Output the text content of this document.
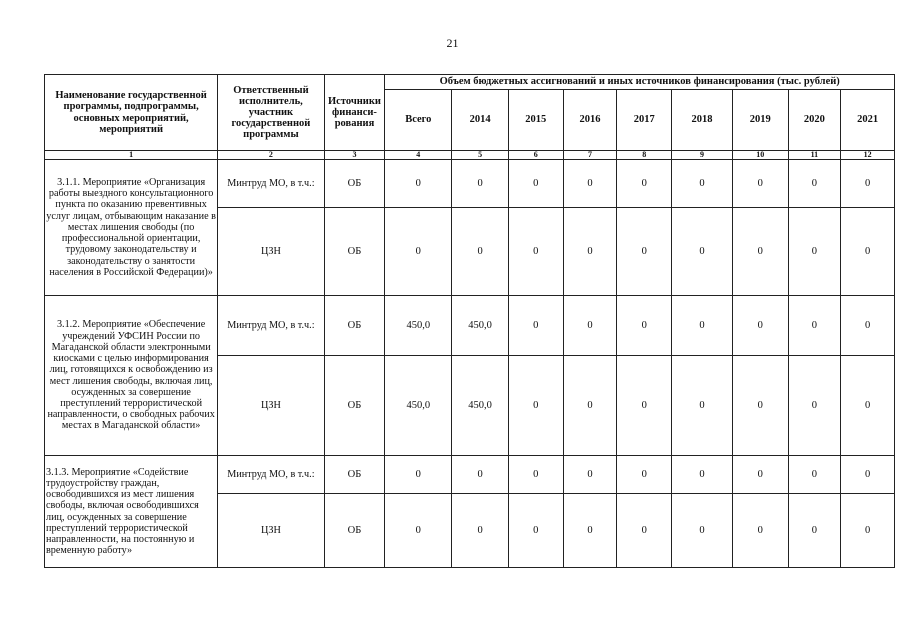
21
Наименование государственной программы, подпрограммы, основных мероприятий, мероприятий	Ответственный исполнитель, участник государственной программы	Источники финанси-рования	Объем бюджетных ассигнований и иных источников финансирования (тыс. рублей)								
			Всего	2014	2015	2016	2017	2018	2019	2020	2021
1	2	3	4	5	6	7	8	9	10	11	12
3.1.1. Мероприятие «Организация работы выездного консультационного пункта по оказанию превентивных услуг лицам, отбывающим наказание в местах лишения свободы (по профессиональной ориентации, трудовому законодательству и законодательству о занятости населения в Российской Федерации)»	Минтруд МО, в т.ч.:	ОБ	0	0	0	0	0	0	0	0	0
	ЦЗН	ОБ	0	0	0	0	0	0	0	0	0
3.1.2. Мероприятие «Обеспечение учреждений УФСИН России по Магаданской области электронными киосками с целью информирования лиц, готовящихся к освобождению из мест лишения свободы, включая лиц, осужденных за совершение преступлений террористической направленности, о свободных рабочих местах в Магаданской области»	Минтруд МО, в т.ч.:	ОБ	450,0	450,0	0	0	0	0	0	0	0
	ЦЗН	ОБ	450,0	450,0	0	0	0	0	0	0	0
3.1.3. Мероприятие «Содействие трудоустройству граждан, освободившихся из мест лишения свободы, включая освободившихся лиц, осужденных за совершение преступлений террористической направленности, на постоянную и временную работу»	Минтруд МО, в т.ч.:	ОБ	0	0	0	0	0	0	0	0	0
	ЦЗН	ОБ	0	0	0	0	0	0	0	0	0
